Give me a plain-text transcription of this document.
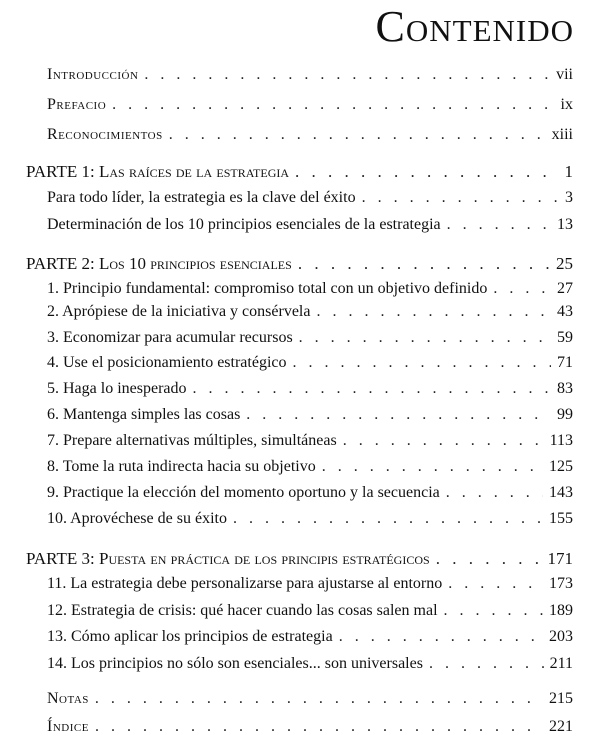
Contenido
Introducción . . .	vii
Prefacio . . .	ix
Reconocimientos . . .	xiii
PARTE 1: Las raíces de la estrategia . . .	1
Para todo líder, la estrategia es la clave del éxito . . .	3
Determinación de los 10 principios esenciales de la estrategia . . .	13
PARTE 2: Los 10 principios esenciales . . .	25
1. Principio fundamental: compromiso total con un objetivo definido . . .	27
2. Aprópiese de la iniciativa y consérvela . . .	43
3. Economizar para acumular recursos . . .	59
4. Use el posicionamiento estratégico . . .	71
5. Haga lo inesperado . . .	83
6. Mantenga simples las cosas . . .	99
7. Prepare alternativas múltiples, simultáneas . . .	113
8. Tome la ruta indirecta hacia su objetivo . . .	125
9. Practique la elección del momento oportuno y la secuencia . . .	143
10. Aprovéchese de su éxito . . .	155
PARTE 3: Puesta en práctica de los principis estratégicos . . .	171
11. La estrategia debe personalizarse para ajustarse al entorno . . .	173
12. Estrategia de crisis: qué hacer cuando las cosas salen mal . . .	189
13. Cómo aplicar los principios de estrategia . . .	203
14. Los principios no sólo son esenciales... son universales . . .	211
Notas . . .	215
Índice . . .	221
